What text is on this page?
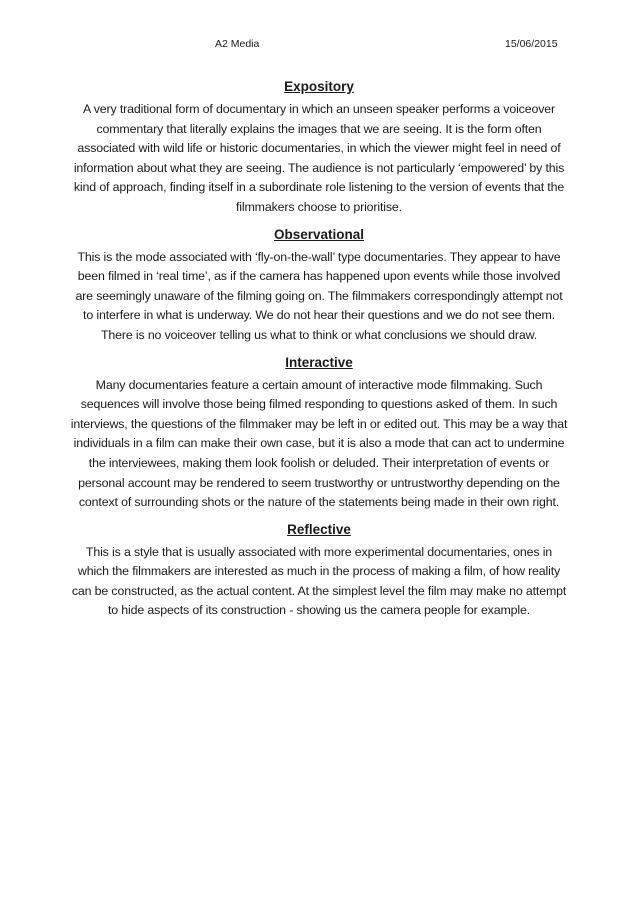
A2 Media	15/06/2015

Expository

A very traditional form of documentary in which an unseen speaker performs a voiceover commentary that literally explains the images that we are seeing. It is the form often associated with wild life or historic documentaries, in which the viewer might feel in need of information about what they are seeing. The audience is not particularly ‘empowered’ by this kind of approach, finding itself in a subordinate role listening to the version of events that the filmmakers choose to prioritise.

Observational

This is the mode associated with ‘fly-on-the-wall’ type documentaries. They appear to have been filmed in ‘real time’, as if the camera has happened upon events while those involved are seemingly unaware of the filming going on. The filmmakers correspondingly attempt not to interfere in what is underway. We do not hear their questions and we do not see them. There is no voiceover telling us what to think or what conclusions we should draw.

Interactive

Many documentaries feature a certain amount of interactive mode filmmaking. Such sequences will involve those being filmed responding to questions asked of them. In such interviews, the questions of the filmmaker may be left in or edited out. This may be a way that individuals in a film can make their own case, but it is also a mode that can act to undermine the interviewees, making them look foolish or deluded. Their interpretation of events or personal account may be rendered to seem trustworthy or untrustworthy depending on the context of surrounding shots or the nature of the statements being made in their own right.

Reflective

This is a style that is usually associated with more experimental documentaries, ones in which the filmmakers are interested as much in the process of making a film, of how reality can be constructed, as the actual content. At the simplest level the film may make no attempt to hide aspects of its construction - showing us the camera people for example.
